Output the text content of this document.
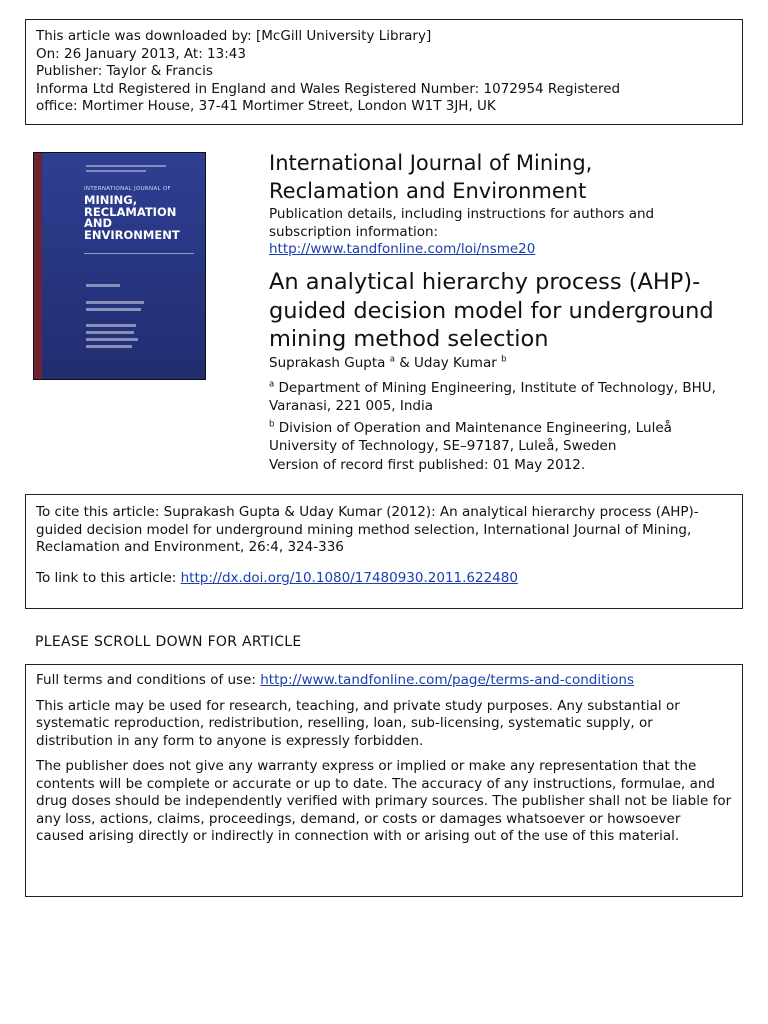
This article was downloaded by: [McGill University Library]
On: 26 January 2013, At: 13:43
Publisher: Taylor & Francis
Informa Ltd Registered in England and Wales Registered Number: 1072954 Registered
office: Mortimer House, 37-41 Mortimer Street, London W1T 3JH, UK
INTERNATIONAL JOURNAL OF
MINING,
RECLAMATION
AND
ENVIRONMENT
International Journal of Mining,
Reclamation and Environment
Publication details, including instructions for authors and
subscription information:
http://www.tandfonline.com/loi/nsme20
An analytical hierarchy process (AHP)-guided decision model for underground mining method selection
Suprakash Gupta $^a$ & Uday Kumar $^b$
$^a$ Department of Mining Engineering, Institute of Technology, BHU, Varanasi, 221 005, India
$^b$ Division of Operation and Maintenance Engineering, Luleå University of Technology, SE–97187, Luleå, Sweden
Version of record first published: 01 May 2012.
To cite this article: Suprakash Gupta & Uday Kumar (2012): An analytical hierarchy process (AHP)-guided decision model for underground mining method selection, International Journal of Mining, Reclamation and Environment, 26:4, 324-336
To link to this article: http://dx.doi.org/10.1080/17480930.2011.622480
PLEASE SCROLL DOWN FOR ARTICLE

Full terms and conditions of use: http://www.tandfonline.com/page/terms-and-conditions

This article may be used for research, teaching, and private study purposes. Any substantial or systematic reproduction, redistribution, reselling, loan, sub-licensing, systematic supply, or distribution in any form to anyone is expressly forbidden.

The publisher does not give any warranty express or implied or make any representation that the contents will be complete or accurate or up to date. The accuracy of any instructions, formulae, and drug doses should be independently verified with primary sources. The publisher shall not be liable for any loss, actions, claims, proceedings, demand, or costs or damages whatsoever or howsoever caused arising directly or indirectly in connection with or arising out of the use of this material.
